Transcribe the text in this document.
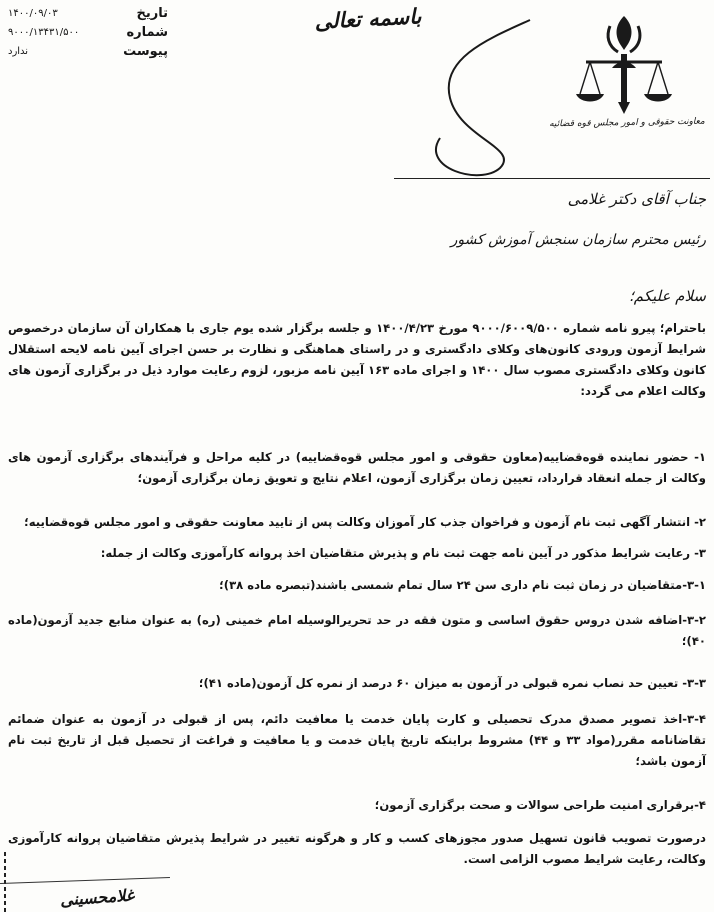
۱۴۰۰/۰۹/۰۳	تاریخ
۹۰۰۰/۱۳۴۳۱/۵۰۰	شماره
ندارد	پیوست
باسمه تعالی
معاونت حقوقی و امور مجلس قوه قضائیه
جناب آقای دکتر غلامی
رئیس محترم سازمان سنجش آموزش کشور
سلام علیکم؛
باحترام؛ پیرو نامه شماره ۹۰۰۰/۶۰۰۹/۵۰۰ مورخ ۱۴۰۰/۴/۲۳ و جلسه برگزار شده یوم جاری با همکاران آن سازمان درخصوص شرایط آزمون ورودی کانون‌های وکلای دادگستری و در راستای هماهنگی و نظارت بر حسن اجرای آیین نامه لایحه استقلال کانون وکلای دادگستری مصوب سال ۱۴۰۰ و اجرای ماده ۱۶۳ آیین نامه مزبور، لزوم رعایت موارد ذیل در برگزاری آزمون های وکالت اعلام می گردد:
۱- حضور نماینده قوه‌قضاییه(معاون حقوقی و امور مجلس قوه‌قضاییه) در کلیه مراحل و فرآیندهای برگزاری آزمون های وکالت از جمله انعقاد قرارداد، تعیین زمان برگزاری آزمون، اعلام نتایج و تعویق زمان برگزاری آزمون؛
۲- انتشار آگهی ثبت نام آزمون و فراخوان جذب کار آموزان وکالت پس از تایید معاونت حقوقی و امور مجلس قوه‌قضاییه؛
۳- رعایت شرایط مذکور در آیین نامه جهت ثبت نام و پذیرش متقاضیان اخذ پروانه کارآموزی وکالت از جمله:
۳-۱-متقاضیان در زمان ثبت نام داری سن ۲۴ سال تمام شمسی باشند(تبصره ماده ۳۸)؛
۳-۲-اضافه شدن دروس حقوق اساسی و متون فقه در حد تحریرالوسیله امام خمینی (ره) به عنوان منابع جدید آزمون(ماده ۴۰)؛
۳-۳- تعیین حد نصاب نمره قبولی در آزمون به میزان ۶۰ درصد از نمره کل آزمون(ماده ۴۱)؛
۳-۴-اخذ تصویر مصدق مدرک تحصیلی و کارت پایان خدمت یا معافیت دائم، پس از قبولی در آزمون به عنوان ضمائم تقاضانامه مقرر(مواد ۳۳ و ۴۴) مشروط براینکه تاریخ پایان خدمت و یا معافیت و فراغت از تحصیل قبل از تاریخ ثبت نام آزمون باشد؛
۴-برقراری امنیت طراحی سوالات و صحت برگزاری آزمون؛
درصورت تصویب قانون تسهیل صدور مجوزهای کسب و کار و هرگونه تغییر در شرایط پذیرش متقاضیان پروانه کارآموزی وکالت، رعایت شرایط مصوب الزامی است.
غلامحسینی
